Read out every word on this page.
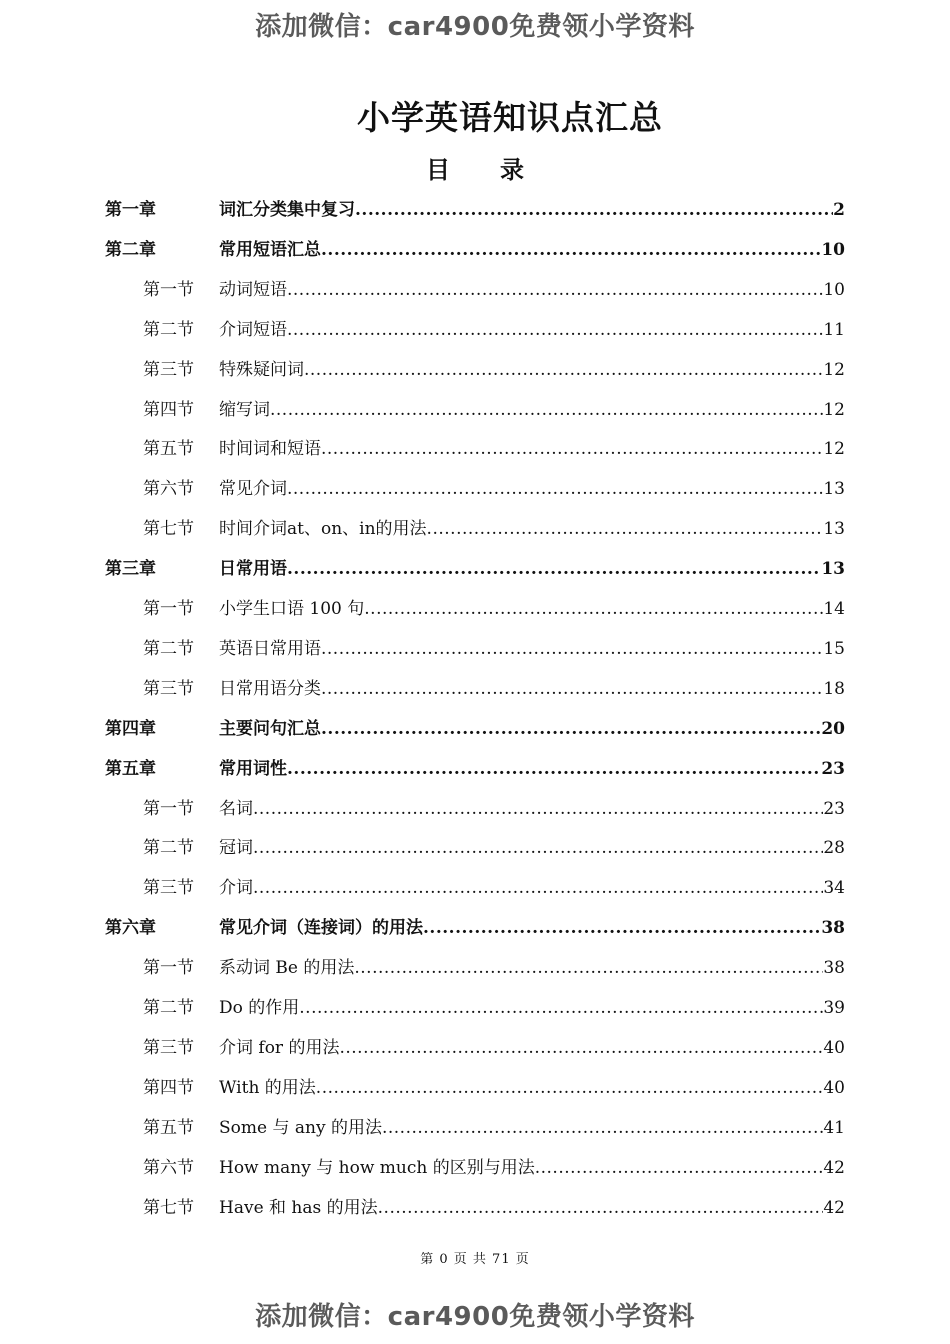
添加微信：car4900免费领小学资料
小学英语知识点汇总
目 录
第一章	词汇分类集中复习 .....	2
第二章	常用短语汇总 .....	10
第一节 动词短语 .....	10
第二节 介词短语 .....	11
第三节 特殊疑问词 .....	12
第四节 缩写词 .....	12
第五节 时间词和短语 .....	12
第六节 常见介词 .....	13
第七节 时间介词at、on、in的用法 .....	13
第三章	日常用语 .....	13
第一节 小学生口语 100 句 .....	14
第二节 英语日常用语 .....	15
第三节 日常用语分类 .....	18
第四章	主要问句汇总 .....	20
第五章	常用词性 .....	23
第一节 名词 .....	23
第二节 冠词 .....	28
第三节 介词 .....	34
第六章	常见介词（连接词）的用法 .....	38
第一节 系动词 Be 的用法 .....	38
第二节 Do 的作用 .....	39
第三节 介词 for 的用法 .....	40
第四节 With 的用法 .....	40
第五节 Some 与 any 的用法 .....	41
第六节 How many 与 how much 的区别与用法 .....	42
第七节 Have 和 has 的用法 .....	42
第 0 页 共 71 页
添加微信：car4900免费领小学资料
